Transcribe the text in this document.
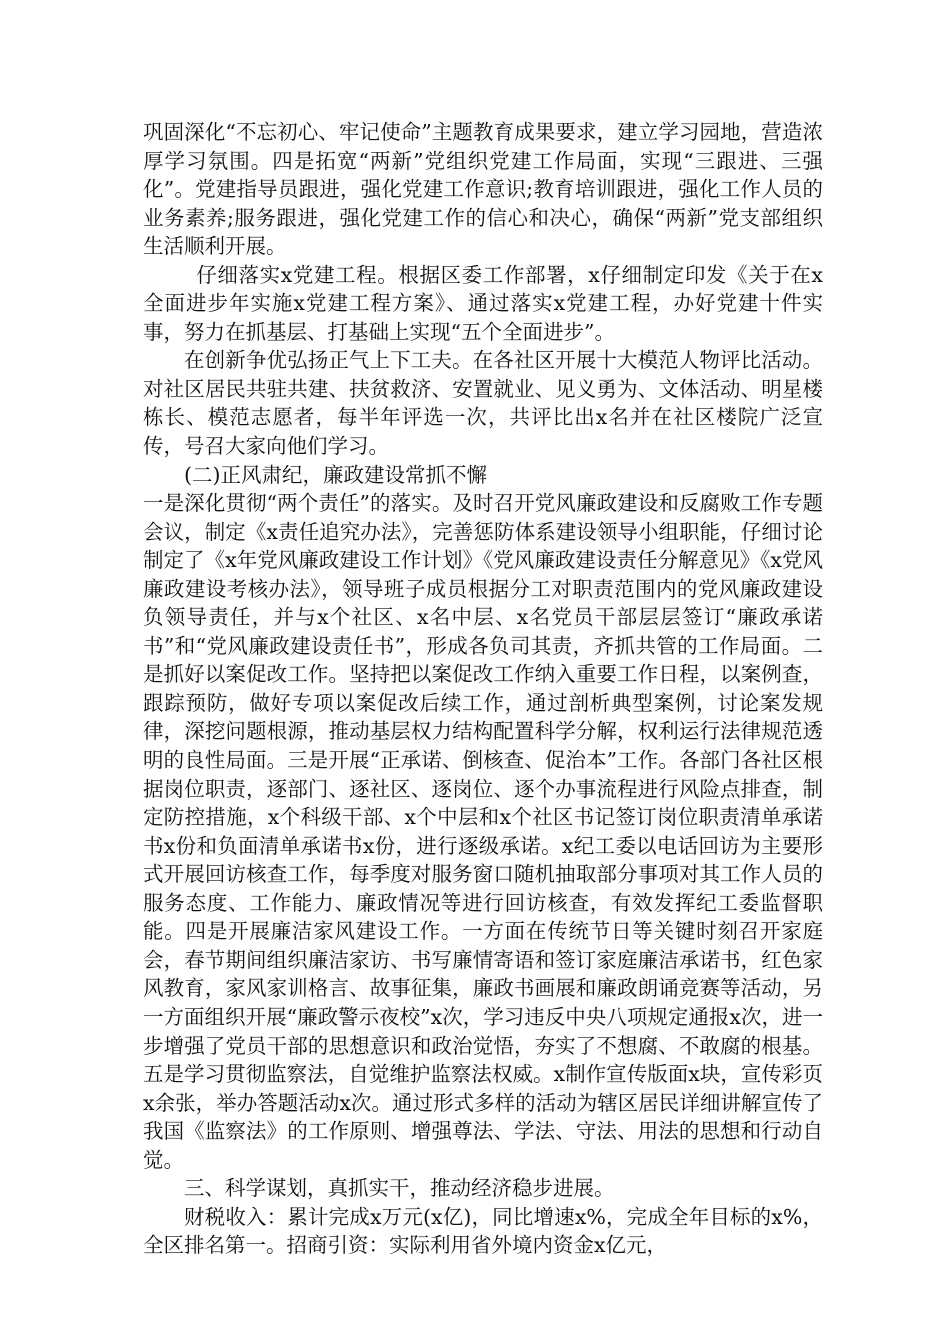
巩固深化“不忘初心、牢记使命”主题教育成果要求，建立学习园地，营造浓厚学习氛围。四是拓宽“两新”党组织党建工作局面，实现“三跟进、三强化”。党建指导员跟进，强化党建工作意识;教育培训跟进，强化工作人员的业务素养;服务跟进，强化党建工作的信心和决心，确保“两新”党支部组织生活顺利开展。

仔细落实x党建工程。根据区委工作部署，x仔细制定印发《关于在x全面进步年实施x党建工程方案》、通过落实x党建工程，办好党建十件实事，努力在抓基层、打基础上实现“五个全面进步”。

在创新争优弘扬正气上下工夫。在各社区开展十大模范人物评比活动。对社区居民共驻共建、扶贫救济、安置就业、见义勇为、文体活动、明星楼栋长、模范志愿者，每半年评选一次，共评比出x名并在社区楼院广泛宣传，号召大家向他们学习。

(二)正风肃纪，廉政建设常抓不懈

一是深化贯彻“两个责任”的落实。及时召开党风廉政建设和反腐败工作专题会议，制定《x责任追究办法》，完善惩防体系建设领导小组职能，仔细讨论制定了《x年党风廉政建设工作计划》《党风廉政建设责任分解意见》《x党风廉政建设考核办法》，领导班子成员根据分工对职责范围内的党风廉政建设负领导责任，并与x个社区、x名中层、x名党员干部层层签订“廉政承诺书”和“党风廉政建设责任书”，形成各负司其责，齐抓共管的工作局面。二是抓好以案促改工作。坚持把以案促改工作纳入重要工作日程，以案例查，跟踪预防，做好专项以案促改后续工作，通过剖析典型案例，讨论案发规律，深挖问题根源，推动基层权力结构配置科学分解，权利运行法律规范透明的良性局面。三是开展“正承诺、倒核查、促治本”工作。各部门各社区根据岗位职责，逐部门、逐社区、逐岗位、逐个办事流程进行风险点排查，制定防控措施，x个科级干部、x个中层和x个社区书记签订岗位职责清单承诺书x份和负面清单承诺书x份，进行逐级承诺。x纪工委以电话回访为主要形式开展回访核查工作，每季度对服务窗口随机抽取部分事项对其工作人员的服务态度、工作能力、廉政情况等进行回访核查，有效发挥纪工委监督职能。四是开展廉洁家风建设工作。一方面在传统节日等关键时刻召开家庭会，春节期间组织廉洁家访、书写廉情寄语和签订家庭廉洁承诺书，红色家风教育，家风家训格言、故事征集，廉政书画展和廉政朗诵竞赛等活动，另一方面组织开展“廉政警示夜校”x次，学习违反中央八项规定通报x次，进一步增强了党员干部的思想意识和政治觉悟，夯实了不想腐、不敢腐的根基。五是学习贯彻监察法，自觉维护监察法权威。x制作宣传版面x块，宣传彩页x余张，举办答题活动x次。通过形式多样的活动为辖区居民详细讲解宣传了我国《监察法》的工作原则、增强尊法、学法、守法、用法的思想和行动自觉。

三、科学谋划，真抓实干，推动经济稳步进展。

财税收入：累计完成x万元(x亿)，同比增速x%，完成全年目标的x%，全区排名第一。招商引资：实际利用省外境内资金x亿元，
